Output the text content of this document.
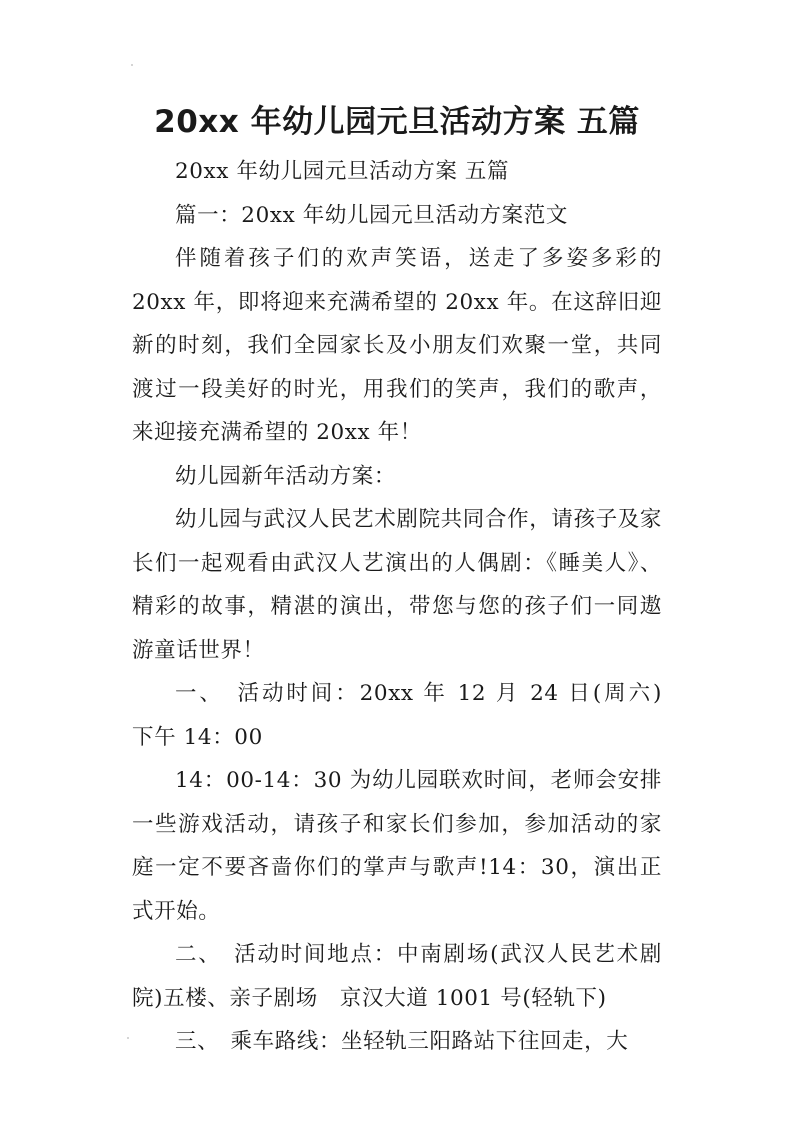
20xx 年幼儿园元旦活动方案 五篇

20xx 年幼儿园元旦活动方案 五篇

篇一：20xx 年幼儿园元旦活动方案范文

伴随着孩子们的欢声笑语，送走了多姿多彩的 20xx 年，即将迎来充满希望的 20xx 年。在这辞旧迎新的时刻，我们全园家长及小朋友们欢聚一堂，共同渡过一段美好的时光，用我们的笑声，我们的歌声，来迎接充满希望的 20xx 年！

幼儿园新年活动方案：

幼儿园与武汉人民艺术剧院共同合作，请孩子及家长们一起观看由武汉人艺演出的人偶剧：《睡美人》、精彩的故事，精湛的演出，带您与您的孩子们一同遨游童话世界！

一、　活动时间：20xx 年 12 月 24 日(周六)　下午 14：00

14：00-14：30 为幼儿园联欢时间，老师会安排一些游戏活动，请孩子和家长们参加，参加活动的家庭一定不要吝啬你们的掌声与歌声!14：30，演出正式开始。

二、　活动时间地点：中南剧场(武汉人民艺术剧院)五楼、亲子剧场　京汉大道 1001 号(轻轨下)

三、　乘车路线：坐轻轨三阳路站下往回走，大
